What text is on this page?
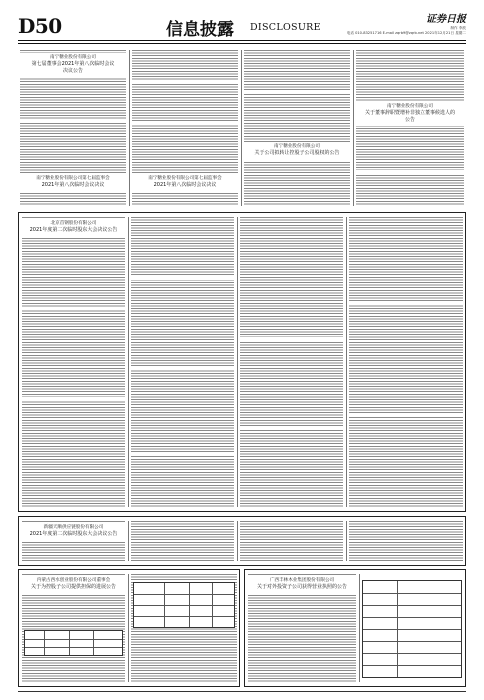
D50	信息披露 DISCLOSURE
证券日报
制作 李波
电话 010-83251716 E-mail zqrb9@zqrb.net 2021年12月21日 星期二
南宁糖业股份有限公司
第七届董事会2021年第八次临时会议
决议公告
南宁糖业股份有限公司第七届监事会
2021年第八次临时会议决议
南宁糖业股份有限公司第七届监事会
2021年第八次临时会议决议
南宁糖业股份有限公司
关于公司拟转让控股子公司股权的公告
南宁糖业股份有限公司
关于董事辞职暨增补非独立董事候选人的
公告
北京首钢股份有限公司
2021年度第二次临时股东大会决议公告
新疆天顺供应链股份有限公司
2021年度第二次临时股东大会决议公告
内蒙古西水创业股份有限公司董事会
关于为控股子公司提供担保的进展公告
广西丰林木业集团股份有限公司
关于对外投资子公司获得营业执照的公告
